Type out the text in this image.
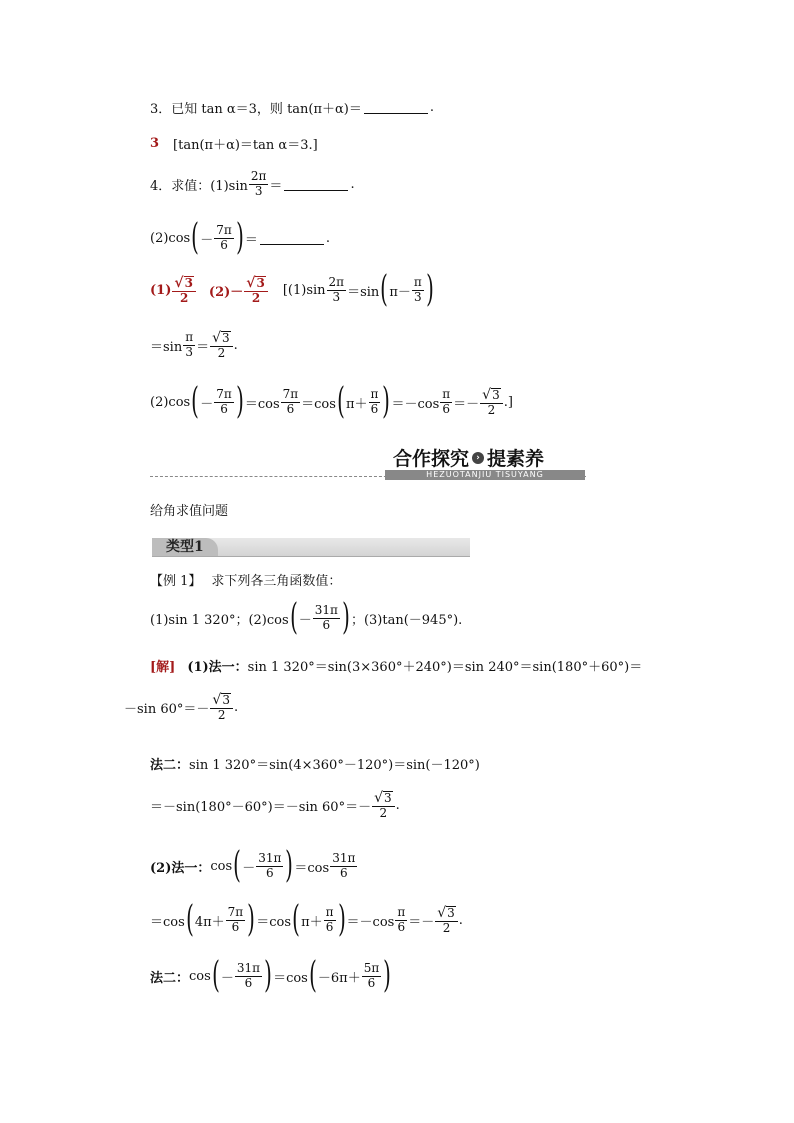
3．已知 tan α＝3，则 tan(π＋α)＝	.
3 [tan(π＋α)＝tan α＝3.]
4．求值：$(1)\sin \frac{2\pi}{3}$ ＝	.
(2)cos ( － $\frac{7\pi}{6}$ ) ＝	.
$(1) \frac{√ 3}{2} (2)- \frac{√ 3}{2} [(1)\sin \frac{2\pi}{3} =\sin$ ( $\pi- \frac{\pi}{3}$ )
$=\sin \frac{\pi}{3} = \frac{√ 3}{2}$ .
(2)cos ( － $\frac{7\pi}{6}$ ) $=\cos \frac{7\pi}{6} =\cos$ ( $\pi+ \frac{\pi}{6}$ ) $=-\cos \frac{\pi}{6} =- \frac{√ 3}{2}$ .]
合作探究 › 提素养
HEZUOTANJIU TISUYANG
给角求值问题
类型1
【例 1】 求下列各三角函数值：
(1)sin 1 320°；(2)cos ( － $\frac{31\pi}{6}$ ) ；(3)tan(－945°).
[解] (1)法一： sin 1 320°＝sin(3×360°＋240°)＝sin 240°＝sin(180°＋60°)＝
－sin $60^\circ=- \frac{√ 3}{2}$ .
法二： sin 1 320°＝sin(4×360°－120°)＝sin(－120°)
＝－sin(180°－60°)＝－sin $60^\circ=- \frac{√ 3}{2}$ .
(2)法一： cos ( － $\frac{31\pi}{6}$ ) $=\cos \frac{31\pi}{6}$
＝cos ( $4\pi+ \frac{7\pi}{6}$ ) ＝cos ( $\pi+ \frac{\pi}{6}$ ) $=-\cos \frac{\pi}{6} =- \frac{√ 3}{2}$ .
法二： cos ( － $\frac{31\pi}{6}$ ) ＝cos ( $-6\pi+ \frac{5\pi}{6}$ )
